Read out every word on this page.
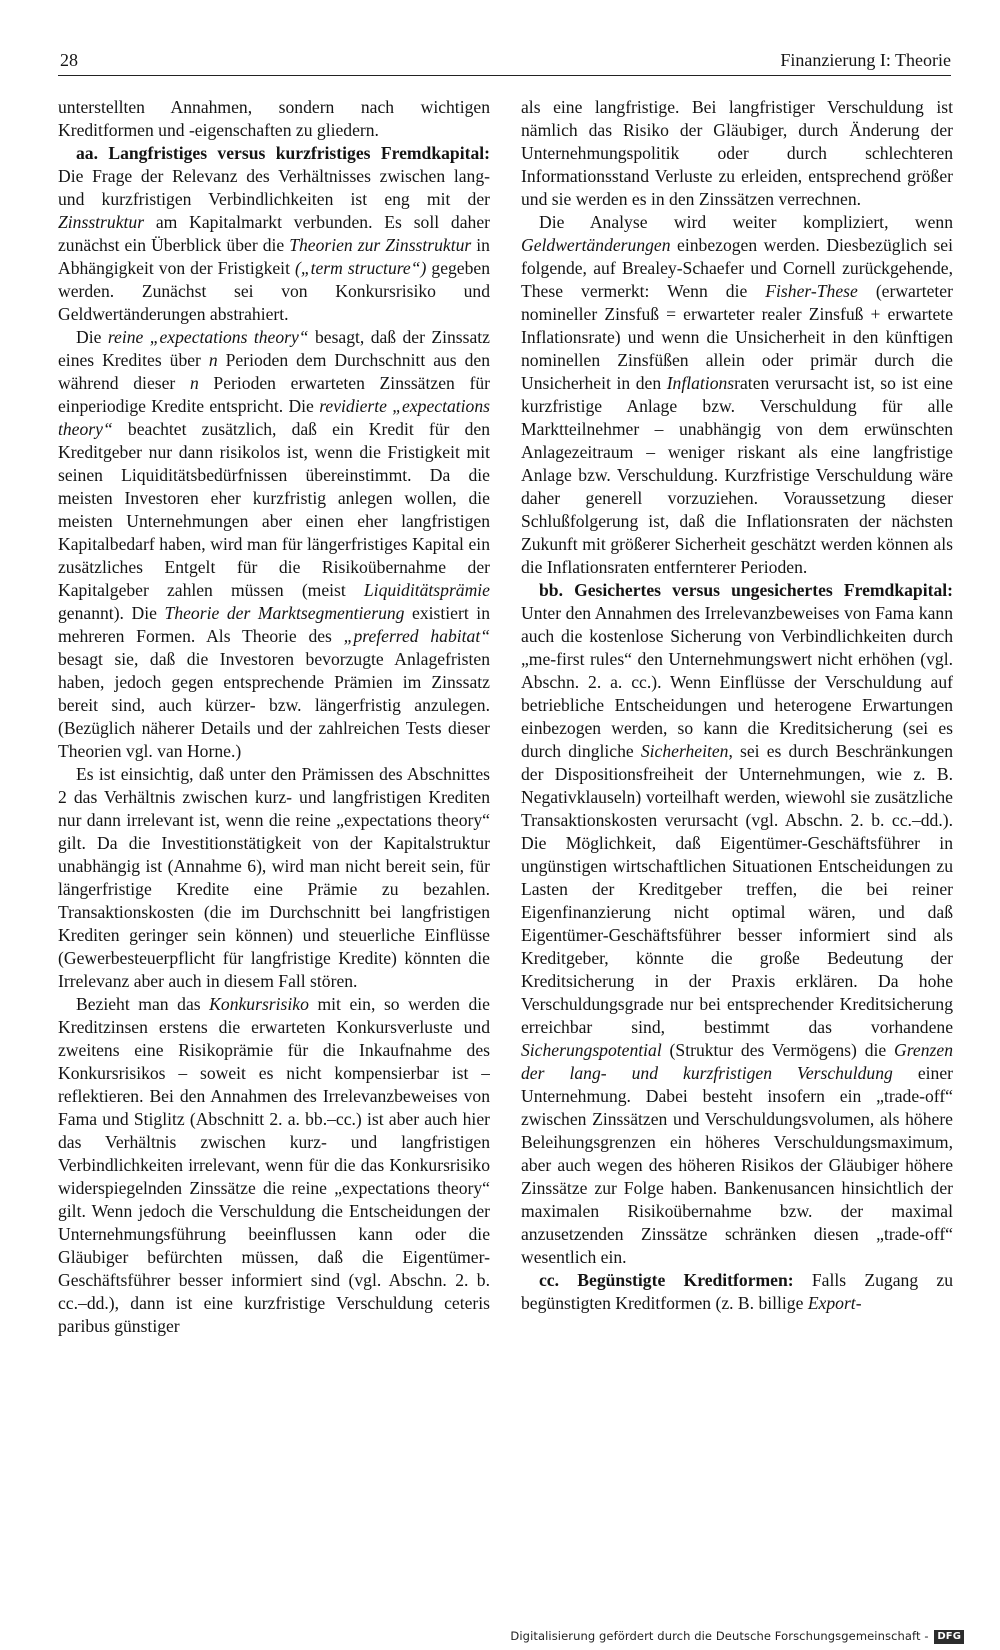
28	Finanzierung I: Theorie

unterstellten Annahmen, sondern nach wichtigen Kreditformen und -eigenschaften zu gliedern.

aa. Langfristiges versus kurzfristiges Fremdkapital: Die Frage der Relevanz des Verhältnisses zwischen lang- und kurzfristigen Verbindlichkeiten ist eng mit der Zinsstruktur am Kapitalmarkt verbunden. Es soll daher zunächst ein Überblick über die Theorien zur Zinsstruktur in Abhängigkeit von der Fristigkeit („term structure“) gegeben werden. Zunächst sei von Konkursrisiko und Geldwertänderungen abstrahiert.

Die reine „expectations theory“ besagt, daß der Zinssatz eines Kredites über n Perioden dem Durchschnitt aus den während dieser n Perioden erwarteten Zinssätzen für einperiodige Kredite entspricht. Die revidierte „expectations theory“ beachtet zusätzlich, daß ein Kredit für den Kreditgeber nur dann risikolos ist, wenn die Fristigkeit mit seinen Liquiditätsbedürfnissen übereinstimmt. Da die meisten Investoren eher kurzfristig anlegen wollen, die meisten Unternehmungen aber einen eher langfristigen Kapitalbedarf haben, wird man für längerfristiges Kapital ein zusätzliches Entgelt für die Risikoübernahme der Kapitalgeber zahlen müssen (meist Liquiditätsprämie genannt). Die Theorie der Marktsegmentierung existiert in mehreren Formen. Als Theorie des „preferred habitat“ besagt sie, daß die Investoren bevorzugte Anlagefristen haben, jedoch gegen entsprechende Prämien im Zinssatz bereit sind, auch kürzer- bzw. längerfristig anzulegen. (Bezüglich näherer Details und der zahlreichen Tests dieser Theorien vgl. van Horne.)

Es ist einsichtig, daß unter den Prämissen des Abschnittes 2 das Verhältnis zwischen kurz- und langfristigen Krediten nur dann irrelevant ist, wenn die reine „expectations theory“ gilt. Da die Investitionstätigkeit von der Kapitalstruktur unabhängig ist (Annahme 6), wird man nicht bereit sein, für längerfristige Kredite eine Prämie zu bezahlen. Transaktionskosten (die im Durchschnitt bei langfristigen Krediten geringer sein können) und steuerliche Einflüsse (Gewerbesteuerpflicht für langfristige Kredite) könnten die Irrelevanz aber auch in diesem Fall stören.

Bezieht man das Konkursrisiko mit ein, so werden die Kreditzinsen erstens die erwarteten Konkursverluste und zweitens eine Risikoprämie für die Inkaufnahme des Konkursrisikos – soweit es nicht kompensierbar ist – reflektieren. Bei den Annahmen des Irrelevanzbeweises von Fama und Stiglitz (Abschnitt 2. a. bb.–cc.) ist aber auch hier das Verhältnis zwischen kurz- und langfristigen Verbindlichkeiten irrelevant, wenn für die das Konkursrisiko widerspiegelnden Zinssätze die reine „expectations theory“ gilt. Wenn jedoch die Verschuldung die Entscheidungen der Unternehmungsführung beeinflussen kann oder die Gläubiger befürchten müssen, daß die Eigentümer-Geschäftsführer besser informiert sind (vgl. Abschn. 2. b. cc.–dd.), dann ist eine kurzfristige Verschuldung ceteris paribus günstiger

als eine langfristige. Bei langfristiger Verschuldung ist nämlich das Risiko der Gläubiger, durch Änderung der Unternehmungspolitik oder durch schlechteren Informationsstand Verluste zu erleiden, entsprechend größer und sie werden es in den Zinssätzen verrechnen.

Die Analyse wird weiter kompliziert, wenn Geldwertänderungen einbezogen werden. Diesbezüglich sei folgende, auf Brealey-Schaefer und Cornell zurückgehende, These vermerkt: Wenn die Fisher-These (erwarteter nomineller Zinsfuß = erwarteter realer Zinsfuß + erwartete Inflationsrate) und wenn die Unsicherheit in den künftigen nominellen Zinsfüßen allein oder primär durch die Unsicherheit in den Inflationsraten verursacht ist, so ist eine kurzfristige Anlage bzw. Verschuldung für alle Marktteilnehmer – unabhängig von dem erwünschten Anlagezeitraum – weniger riskant als eine langfristige Anlage bzw. Verschuldung. Kurzfristige Verschuldung wäre daher generell vorzuziehen. Voraussetzung dieser Schlußfolgerung ist, daß die Inflationsraten der nächsten Zukunft mit größerer Sicherheit geschätzt werden können als die Inflationsraten entfernterer Perioden.

bb. Gesichertes versus ungesichertes Fremdkapital: Unter den Annahmen des Irrelevanzbeweises von Fama kann auch die kostenlose Sicherung von Verbindlichkeiten durch „me-first rules“ den Unternehmungswert nicht erhöhen (vgl. Abschn. 2. a. cc.). Wenn Einflüsse der Verschuldung auf betriebliche Entscheidungen und heterogene Erwartungen einbezogen werden, so kann die Kreditsicherung (sei es durch dingliche Sicherheiten, sei es durch Beschränkungen der Dispositionsfreiheit der Unternehmungen, wie z. B. Negativklauseln) vorteilhaft werden, wiewohl sie zusätzliche Transaktionskosten verursacht (vgl. Abschn. 2. b. cc.–dd.). Die Möglichkeit, daß Eigentümer-Geschäftsführer in ungünstigen wirtschaftlichen Situationen Entscheidungen zu Lasten der Kreditgeber treffen, die bei reiner Eigenfinanzierung nicht optimal wären, und daß Eigentümer-Geschäftsführer besser informiert sind als Kreditgeber, könnte die große Bedeutung der Kreditsicherung in der Praxis erklären. Da hohe Verschuldungsgrade nur bei entsprechender Kreditsicherung erreichbar sind, bestimmt das vorhandene Sicherungspotential (Struktur des Vermögens) die Grenzen der lang- und kurzfristigen Verschuldung einer Unternehmung. Dabei besteht insofern ein „trade-off“ zwischen Zinssätzen und Verschuldungsvolumen, als höhere Beleihungsgrenzen ein höheres Verschuldungsmaximum, aber auch wegen des höheren Risikos der Gläubiger höhere Zinssätze zur Folge haben. Bankenusancen hinsichtlich der maximalen Risikoübernahme bzw. der maximal anzusetzenden Zinssätze schränken diesen „trade-off“ wesentlich ein.

cc. Begünstigte Kreditformen: Falls Zugang zu begünstigten Kreditformen (z. B. billige Export-

Digitalisierung gefördert durch die Deutsche Forschungsgemeinschaft - DFG
